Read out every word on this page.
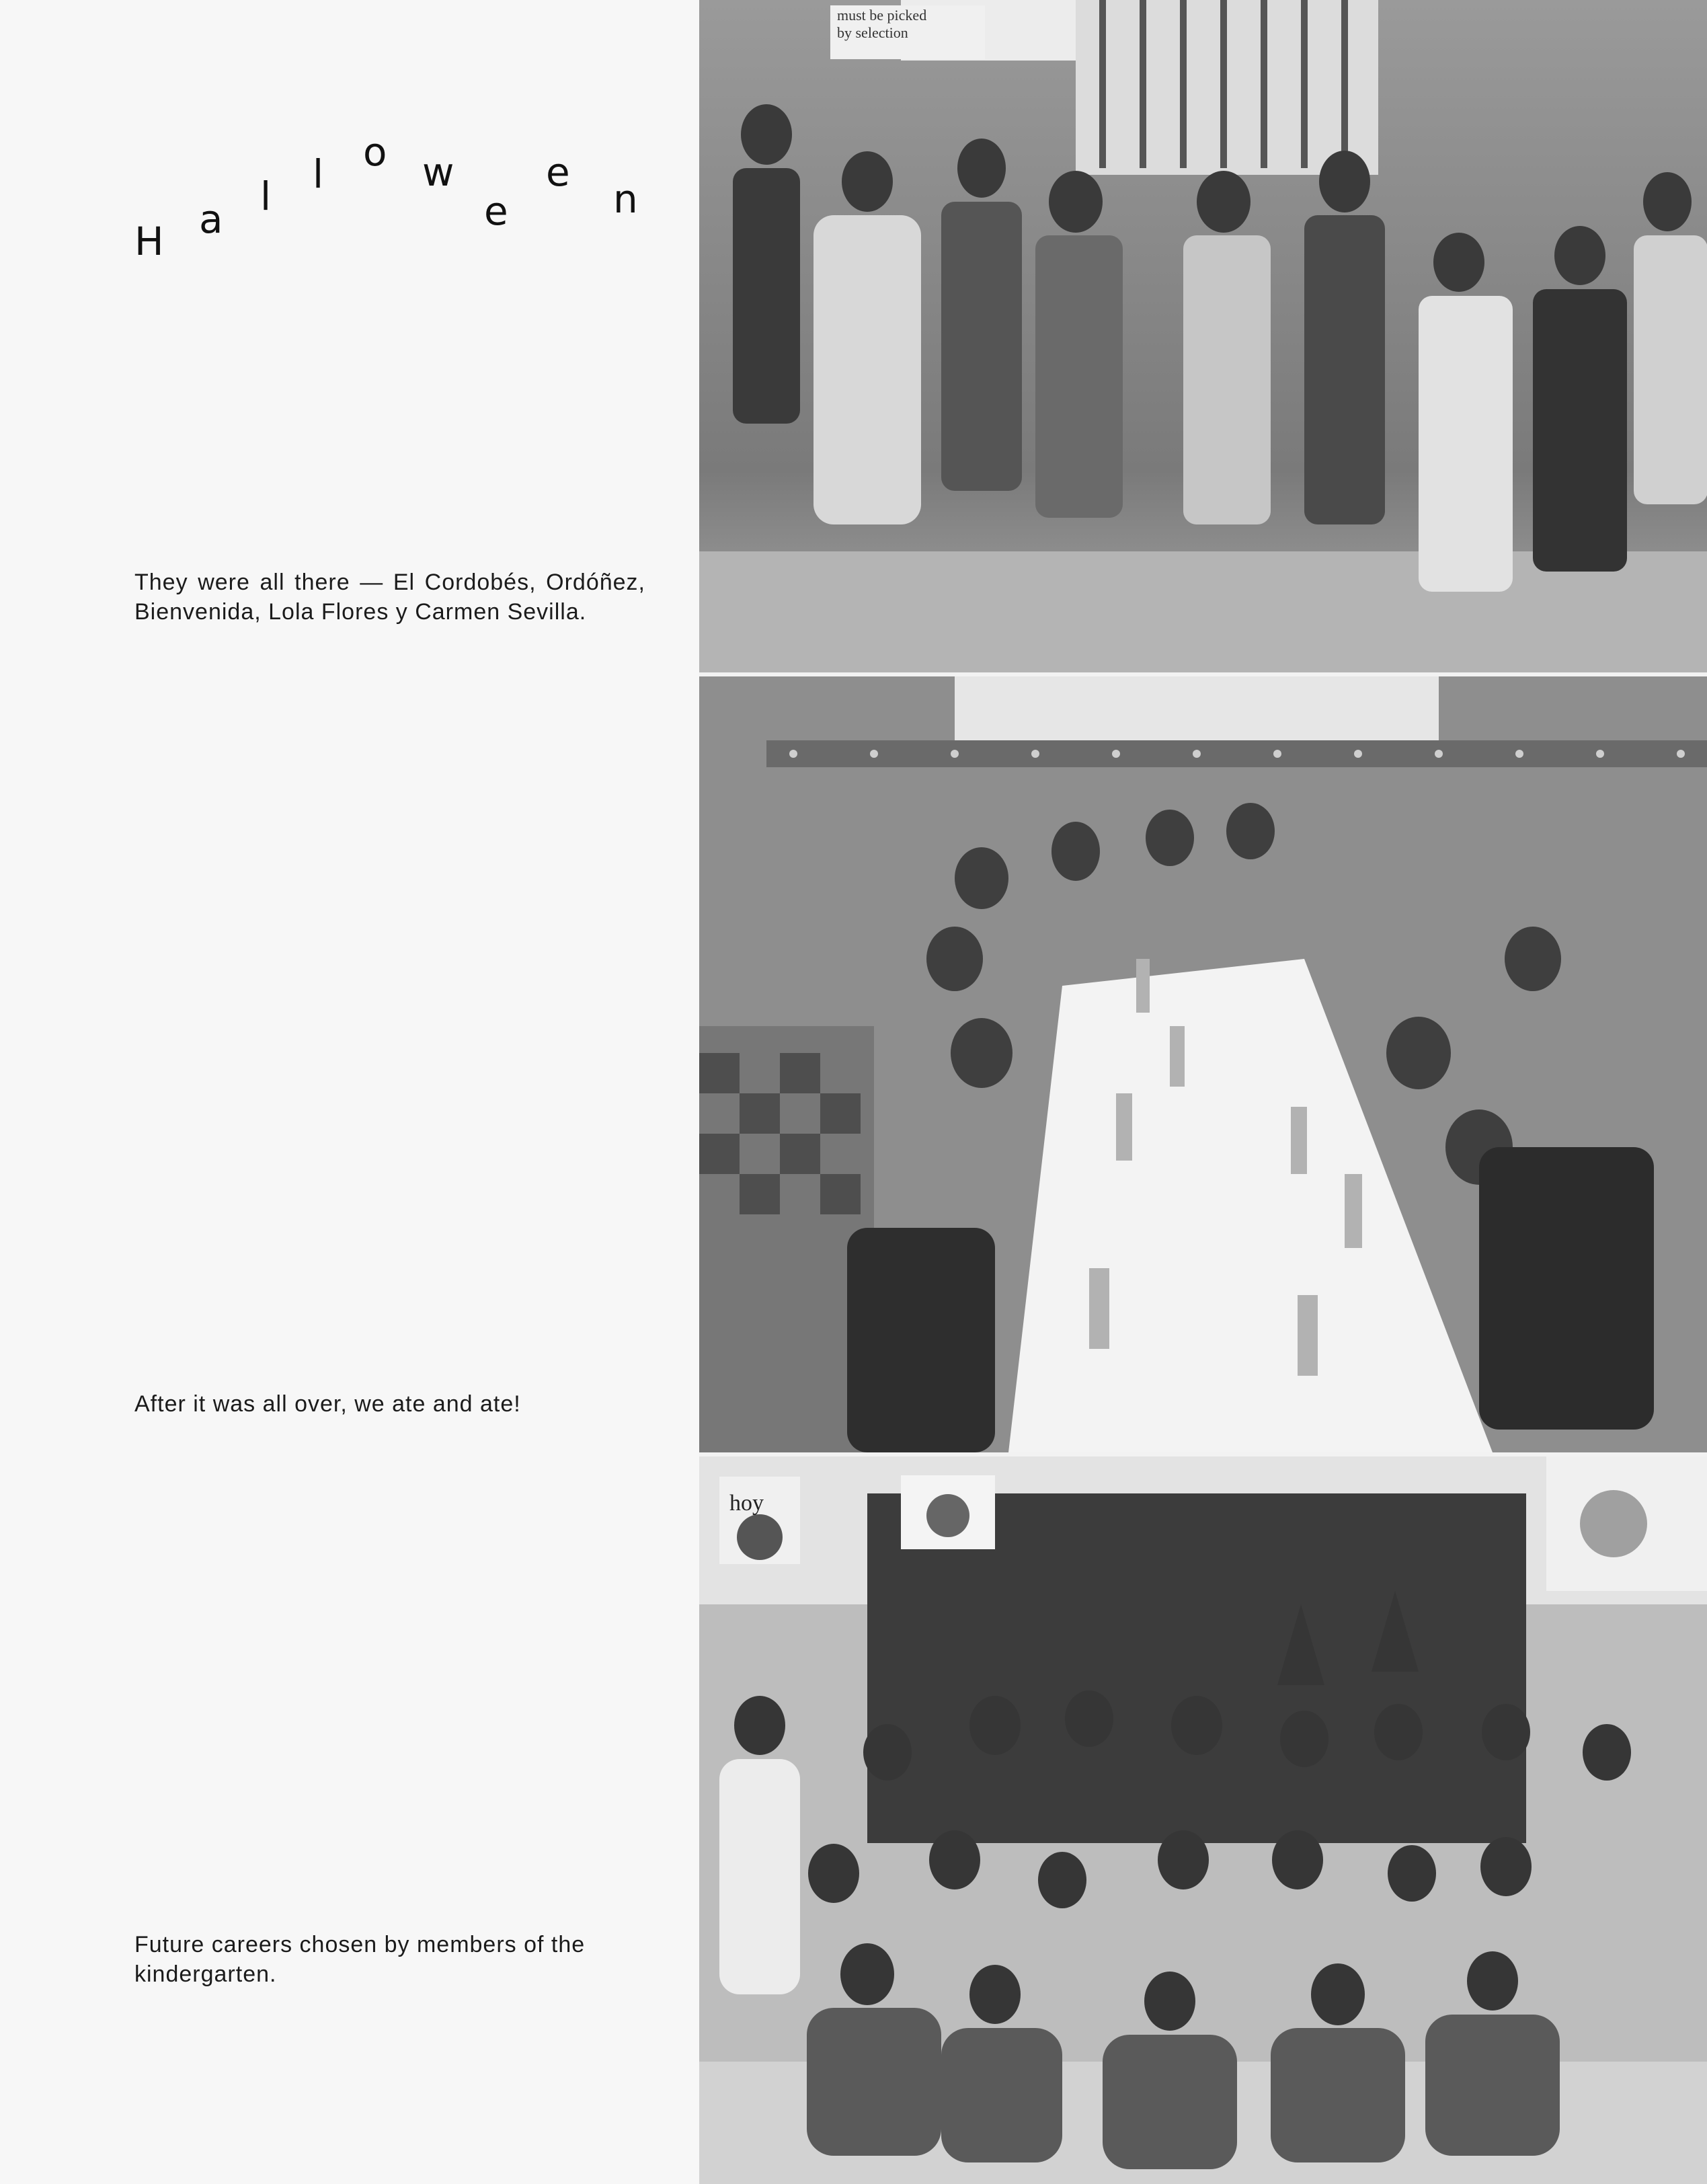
H a l l o w
e
e
n
They were all there — El Cordobés, Ordóñez, Bienvenida, Lola Flores y Carmen Sevilla.
After it was all over, we ate and ate!
Future careers chosen by members of the kindergarten.
must be picked by selection
hoy
